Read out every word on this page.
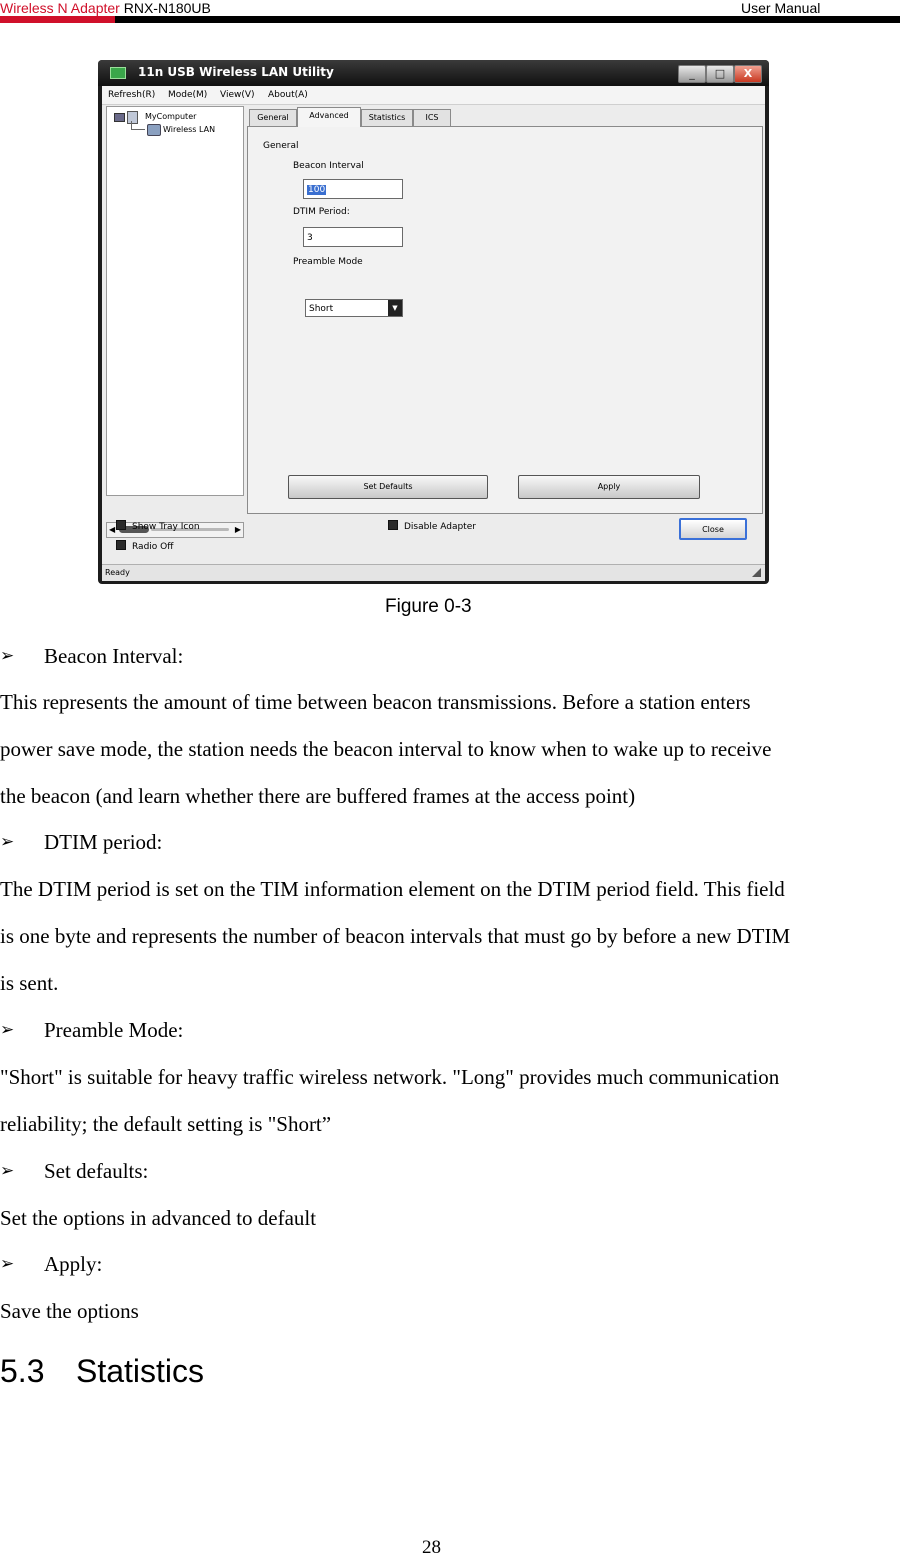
Wireless N Adapter RNX-N180UB	User Manual
11n USB Wireless LAN Utility	_	□	X
Refresh(R) Mode(M) View(V) About(A)
MyComputer
Wireless LAN
◀	▶
General	Advanced	Statistics	ICS
General
Beacon Interval
100
DTIM Period:
3
Preamble Mode
Short	▼
Set Defaults	Apply
Show Tray Icon
Radio Off
Disable Adapter	Close
Ready
Figure 0-3
➢ Beacon Interval:
This represents the amount of time between beacon transmissions. Before a station enters
power save mode, the station needs the beacon interval to know when to wake up to receive
the beacon (and learn whether there are buffered frames at the access point)
➢ DTIM period:
The DTIM period is set on the TIM information element on the DTIM period field. This field
is one byte and represents the number of beacon intervals that must go by before a new DTIM
is sent.
➢ Preamble Mode:
"Short" is suitable for heavy traffic wireless network. "Long" provides much communication
reliability; the default setting is "Short”
➢ Set defaults:
Set the options in advanced to default
➢ Apply:
Save the options
5.3 Statistics
28
